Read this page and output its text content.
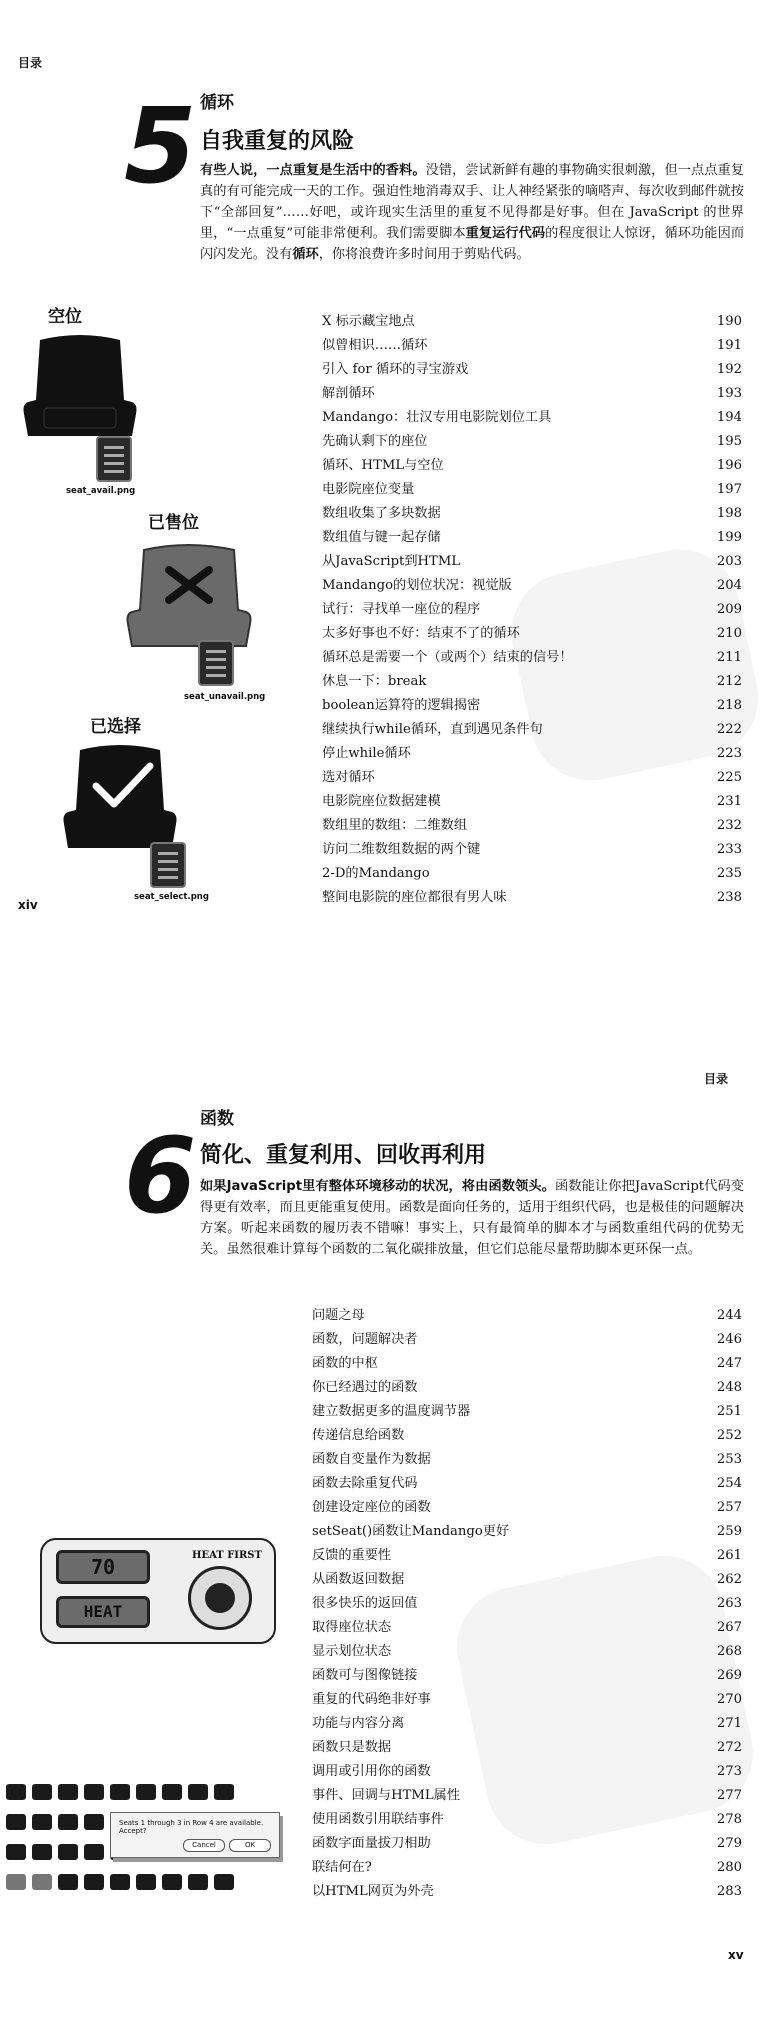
目录
5 循环
自我重复的风险

有些人说，一点重复是生活中的香料。没错，尝试新鲜有趣的事物确实很刺激，但一点点重复真的有可能完成一天的工作。强迫性地消毒双手、让人神经紧张的嘀嗒声、每次收到邮件就按下“全部回复”……好吧，或许现实生活里的重复不见得都是好事。但在 JavaScript 的世界里，“一点重复”可能非常便利。我们需要脚本重复运行代码的程度很让人惊讶，循环功能因而闪闪发光。没有循环，你将浪费许多时间用于剪贴代码。

空位
seat_avail.png
已售位
seat_unavail.png
已选择
seat_select.png
X 标示藏宝地点	190
似曾相识……循环	191
引入 for 循环的寻宝游戏	192
解剖循环	193
Mandango：壮汉专用电影院划位工具	194
先确认剩下的座位	195
循环、HTML与空位	196
电影院座位变量	197
数组收集了多块数据	198
数组值与键一起存储	199
从JavaScript到HTML	203
Mandango的划位状况：视觉版	204
试行：寻找单一座位的程序	209
太多好事也不好：结束不了的循环	210
循环总是需要一个（或两个）结束的信号！	211
休息一下：break	212
boolean运算符的逻辑揭密	218
继续执行while循环，直到遇见条件句	222
停止while循环	223
选对循环	225
电影院座位数据建模	231
数组里的数组：二维数组	232
访问二维数组数据的两个键	233
2-D的Mandango	235
整间电影院的座位都很有男人味	238
xiv
目录
6 函数
简化、重复利用、回收再利用

如果JavaScript里有整体环境移动的状况，将由函数领头。函数能让你把JavaScript代码变得更有效率，而且更能重复使用。函数是面向任务的，适用于组织代码，也是极佳的问题解决方案。听起来函数的履历表不错嘛！事实上，只有最简单的脚本才与函数重组代码的优势无关。虽然很难计算每个函数的二氧化碳排放量，但它们总能尽量帮助脚本更环保一点。

70
HEAT
HEAT FIRST
Seats 1 through 3 in Row 4 are available. Accept?
Cancel	OK
问题之母	244
函数，问题解决者	246
函数的中枢	247
你已经遇过的函数	248
建立数据更多的温度调节器	251
传递信息给函数	252
函数自变量作为数据	253
函数去除重复代码	254
创建设定座位的函数	257
setSeat()函数让Mandango更好	259
反馈的重要性	261
从函数返回数据	262
很多快乐的返回值	263
取得座位状态	267
显示划位状态	268
函数可与图像链接	269
重复的代码绝非好事	270
功能与内容分离	271
函数只是数据	272
调用或引用你的函数	273
事件、回调与HTML属性	277
使用函数引用联结事件	278
函数字面量拔刀相助	279
联结何在?	280
以HTML网页为外壳	283
xv
